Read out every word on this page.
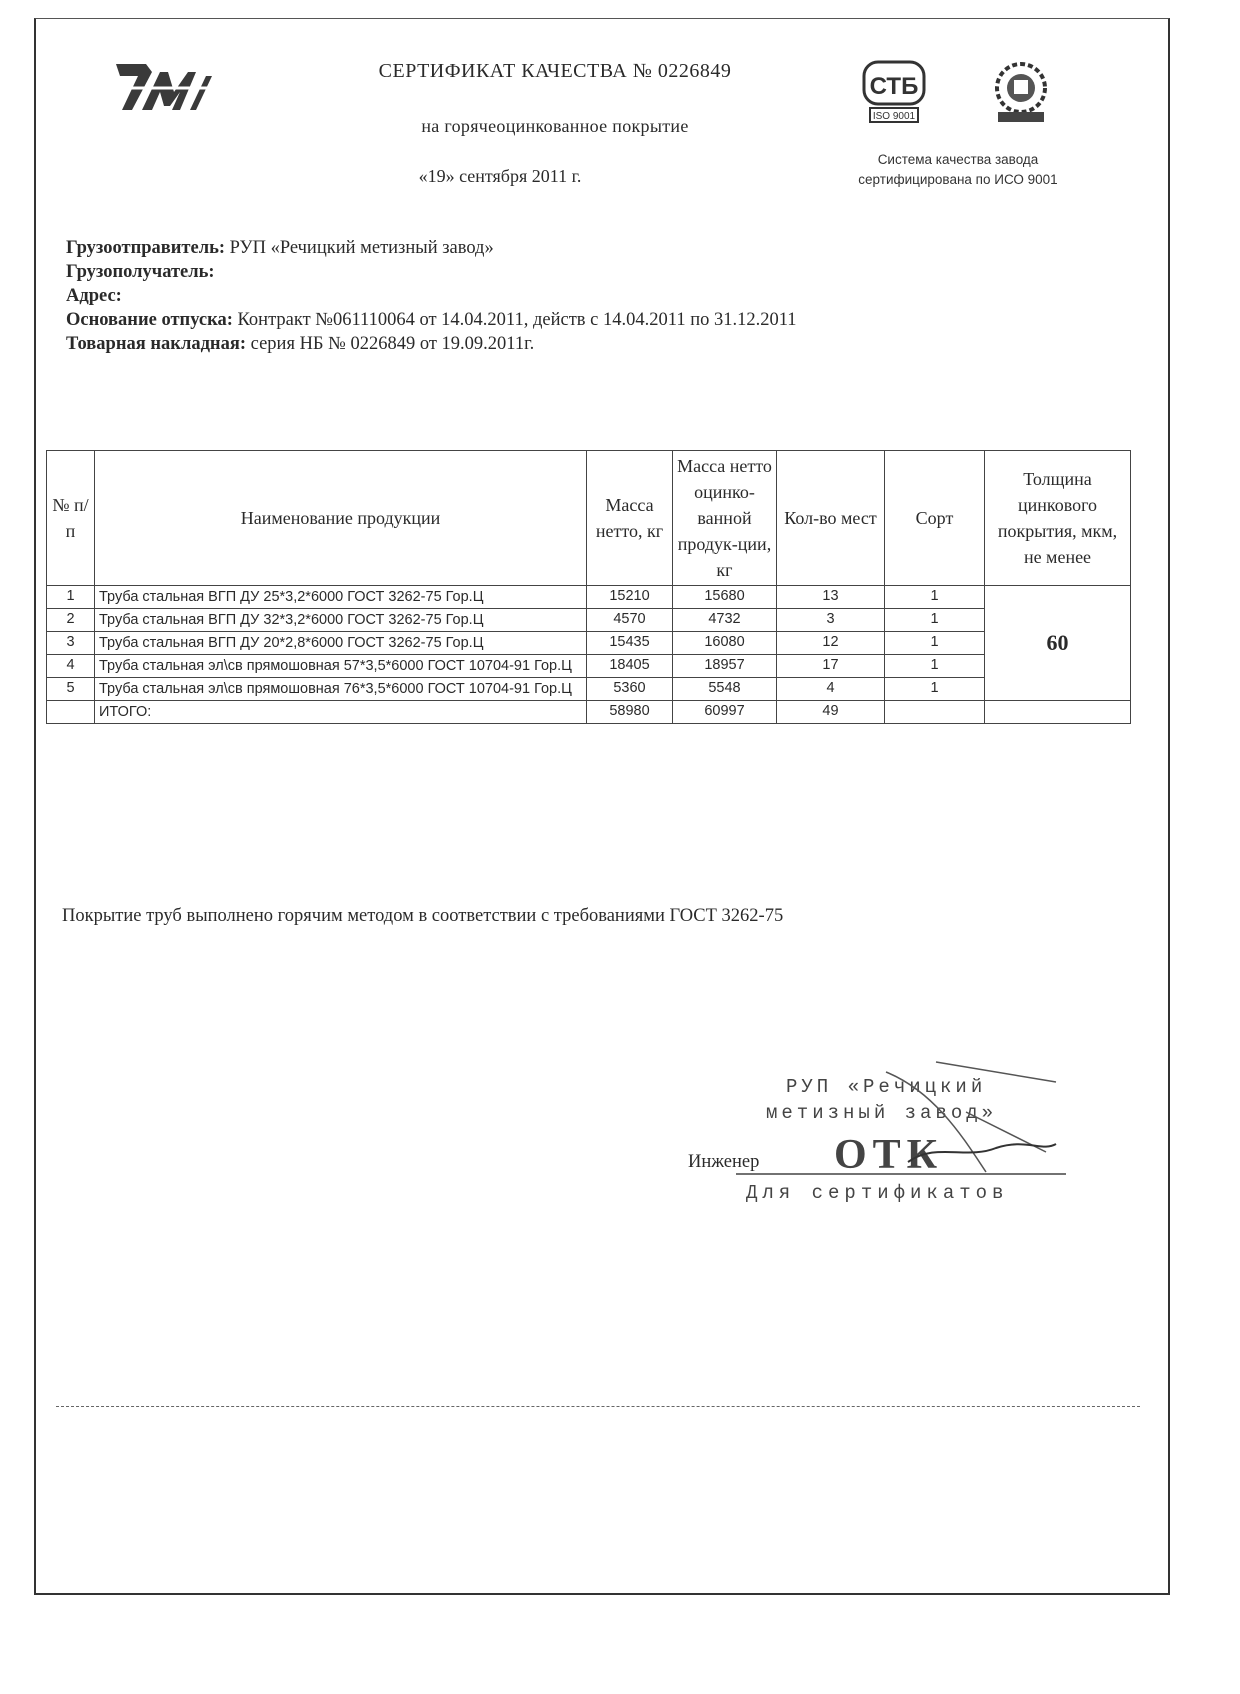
СЕРТИФИКАТ КАЧЕСТВА № 0226849
на горячеоцинкованное покрытие
«19» сентября 2011 г.
СТБ
ISO 9001
Система качества завода
сертифицирована по ИСО 9001
Грузоотправитель: РУП «Речицкий метизный завод»
Грузополучатель:
Адрес:
Основание отпуска: Контракт №061110064 от 14.04.2011, действ с 14.04.2011 по 31.12.2011
Товарная накладная: серия НБ № 0226849 от 19.09.2011г.
№ п/п	Наименование продукции	Масса нетто, кг	Масса нетто оцинко-ванной продук-ции, кг	Кол-во мест	Сорт	Толщина цинкового покрытия, мкм, не менее
1	Труба стальная ВГП ДУ 25*3,2*6000 ГОСТ 3262-75 Гор.Ц	15210	15680	13	1	60
2	Труба стальная ВГП ДУ 32*3,2*6000 ГОСТ 3262-75 Гор.Ц	4570	4732	3	1	
3	Труба стальная ВГП ДУ 20*2,8*6000 ГОСТ 3262-75 Гор.Ц	15435	16080	12	1	
4	Труба стальная эл\св прямошовная 57*3,5*6000 ГОСТ 10704-91 Гор.Ц	18405	18957	17	1	
5	Труба стальная эл\св прямошовная 76*3,5*6000 ГОСТ 10704-91 Гор.Ц	5360	5548	4	1	
	ИТОГО:	58980	60997	49		
Покрытие труб выполнено горячим методом в соответствии с требованиями ГОСТ 3262-75
РУП «Речицкий
метизный завод»
ОТК
Для сертификатов
Инженер
